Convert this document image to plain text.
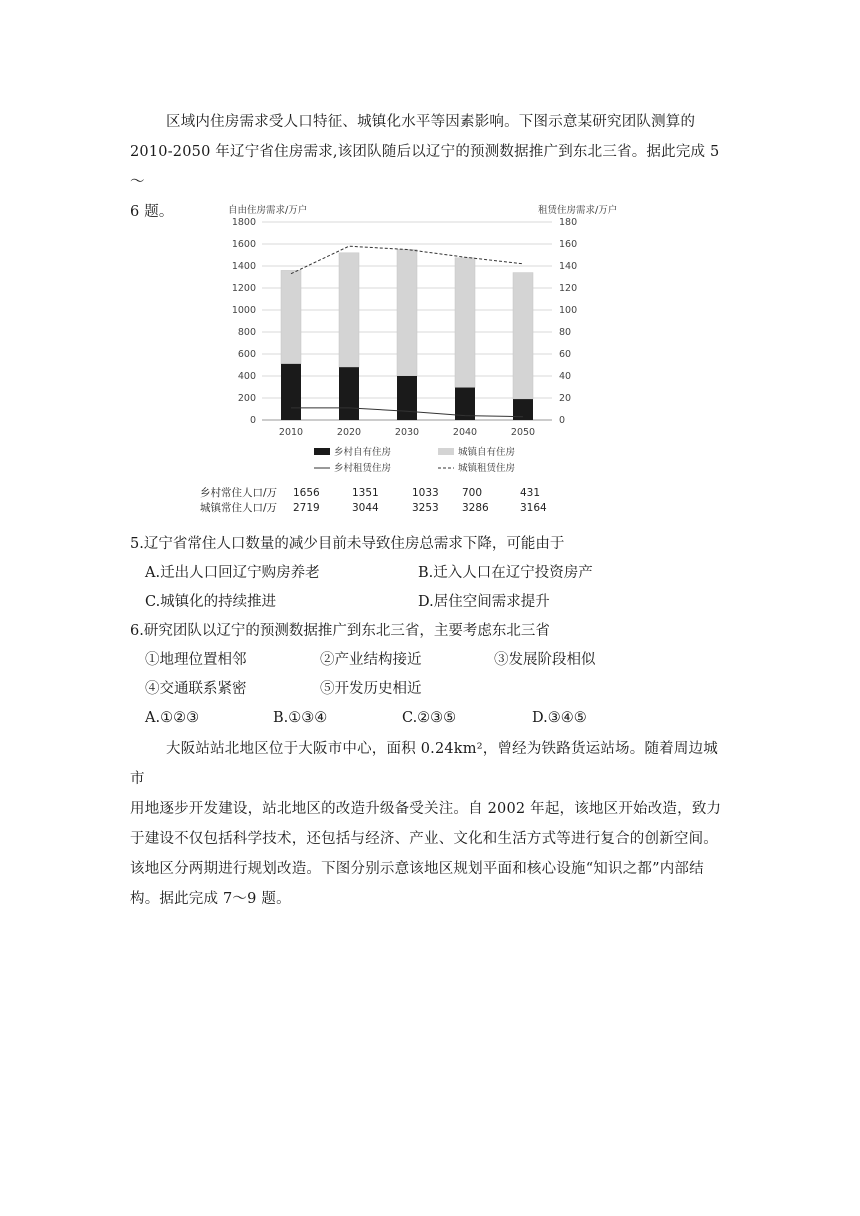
区域内住房需求受人口特征、城镇化水平等因素影响。下图示意某研究团队测算的
2010-2050 年辽宁省住房需求,该团队随后以辽宁的预测数据推广到东北三省。据此完成 5～
6 题。	自由住房需求/万户	租赁住房需求/万户
0	0
200	20
400	40
600	60
800	80
1000	100
1200	120
1400	140
1600	160
1800	180
2010	2020	2030	2040	2050
乡村自有住房	城镇自有住房
乡村租赁住房	城镇租赁住房
乡村常住人口/万 1656	1351	1033 700	431
城镇常住人口/万 2719	3044	3253 3286	3164
5.辽宁省常住人口数量的减少目前未导致住房总需求下降，可能由于
A.迁出人口回辽宁购房养老	B.迁入人口在辽宁投资房产
C.城镇化的持续推进	D.居住空间需求提升
6.研究团队以辽宁的预测数据推广到东北三省，主要考虑东北三省
①地理位置相邻	②产业结构接近	③发展阶段相似
④交通联系紧密	⑤开发历史相近
A.①②③	B.①③④	C.②③⑤	D.③④⑤
大阪站站北地区位于大阪市中心，面积 0.24km²，曾经为铁路货运站场。随着周边城市
用地逐步开发建设，站北地区的改造升级备受关注。自 2002 年起，该地区开始改造，致力
于建设不仅包括科学技术，还包括与经济、产业、文化和生活方式等进行复合的创新空间。
该地区分两期进行规划改造。下图分别示意该地区规划平面和核心设施“知识之都”内部结
构。据此完成 7～9 题。
